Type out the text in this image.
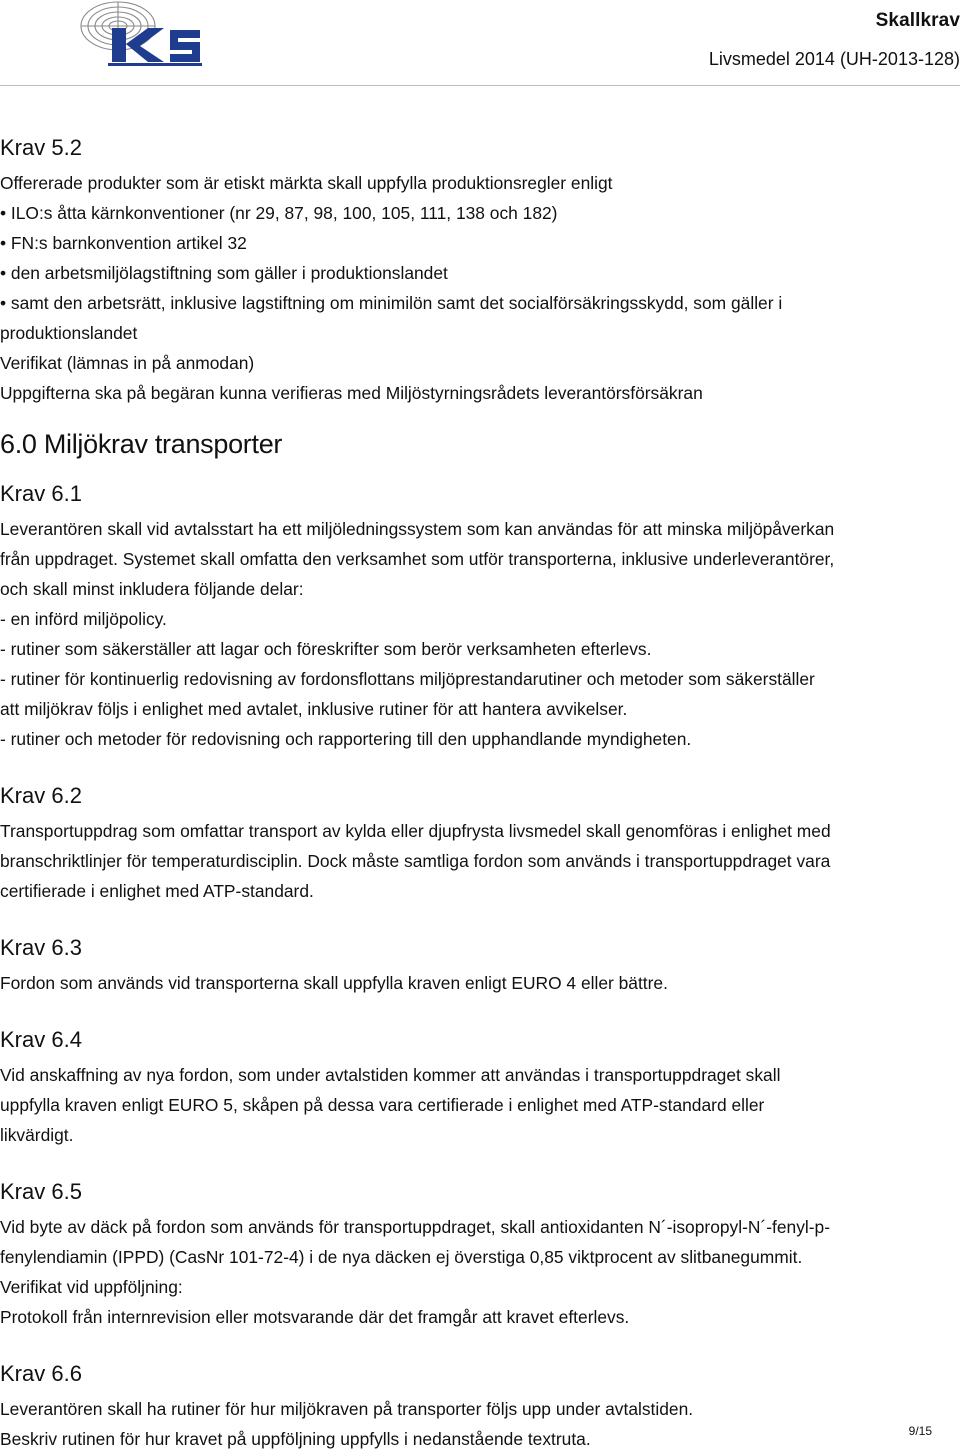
Skallkrav
Livsmedel 2014 (UH-2013-128)
Krav 5.2

Offererade produkter som är etiskt märkta skall uppfylla produktionsregler enligt

• ILO:s åtta kärnkonventioner (nr 29, 87, 98, 100, 105, 111, 138 och 182)

• FN:s barnkonvention artikel 32

• den arbetsmiljölagstiftning som gäller i produktionslandet

• samt den arbetsrätt, inklusive lagstiftning om minimilön samt det socialförsäkringsskydd, som gäller i

produktionslandet

Verifikat (lämnas in på anmodan)

Uppgifterna ska på begäran kunna verifieras med Miljöstyrningsrådets leverantörsförsäkran

6.0 Miljökrav transporter
Krav 6.1

Leverantören skall vid avtalsstart ha ett miljöledningssystem som kan användas för att minska miljöpåverkan

från uppdraget. Systemet skall omfatta den verksamhet som utför transporterna, inklusive underleverantörer,

och skall minst inkludera följande delar:

- en införd miljöpolicy.

- rutiner som säkerställer att lagar och föreskrifter som berör verksamheten efterlevs.

- rutiner för kontinuerlig redovisning av fordonsflottans miljöprestandarutiner och metoder som säkerställer

att miljökrav följs i enlighet med avtalet, inklusive rutiner för att hantera avvikelser.

- rutiner och metoder för redovisning och rapportering till den upphandlande myndigheten.

Krav 6.2

Transportuppdrag som omfattar transport av kylda eller djupfrysta livsmedel skall genomföras i enlighet med

branschriktlinjer för temperaturdisciplin. Dock måste samtliga fordon som används i transportuppdraget vara

certifierade i enlighet med ATP-standard.

Krav 6.3

Fordon som används vid transporterna skall uppfylla kraven enligt EURO 4 eller bättre.

Krav 6.4

Vid anskaffning av nya fordon, som under avtalstiden kommer att användas i transportuppdraget skall

uppfylla kraven enligt EURO 5, skåpen på dessa vara certifierade i enlighet med ATP-standard eller

likvärdigt.

Krav 6.5

Vid byte av däck på fordon som används för transportuppdraget, skall antioxidanten N´-isopropyl-N´-fenyl-p-

fenylendiamin (IPPD) (CasNr 101-72-4) i de nya däcken ej överstiga 0,85 viktprocent av slitbanegummit.

Verifikat vid uppföljning:

Protokoll från internrevision eller motsvarande där det framgår att kravet efterlevs.

Krav 6.6

Leverantören skall ha rutiner för hur miljökraven på transporter följs upp under avtalstiden.

Beskriv rutinen för hur kravet på uppföljning uppfylls i nedanstående textruta.	9/15
